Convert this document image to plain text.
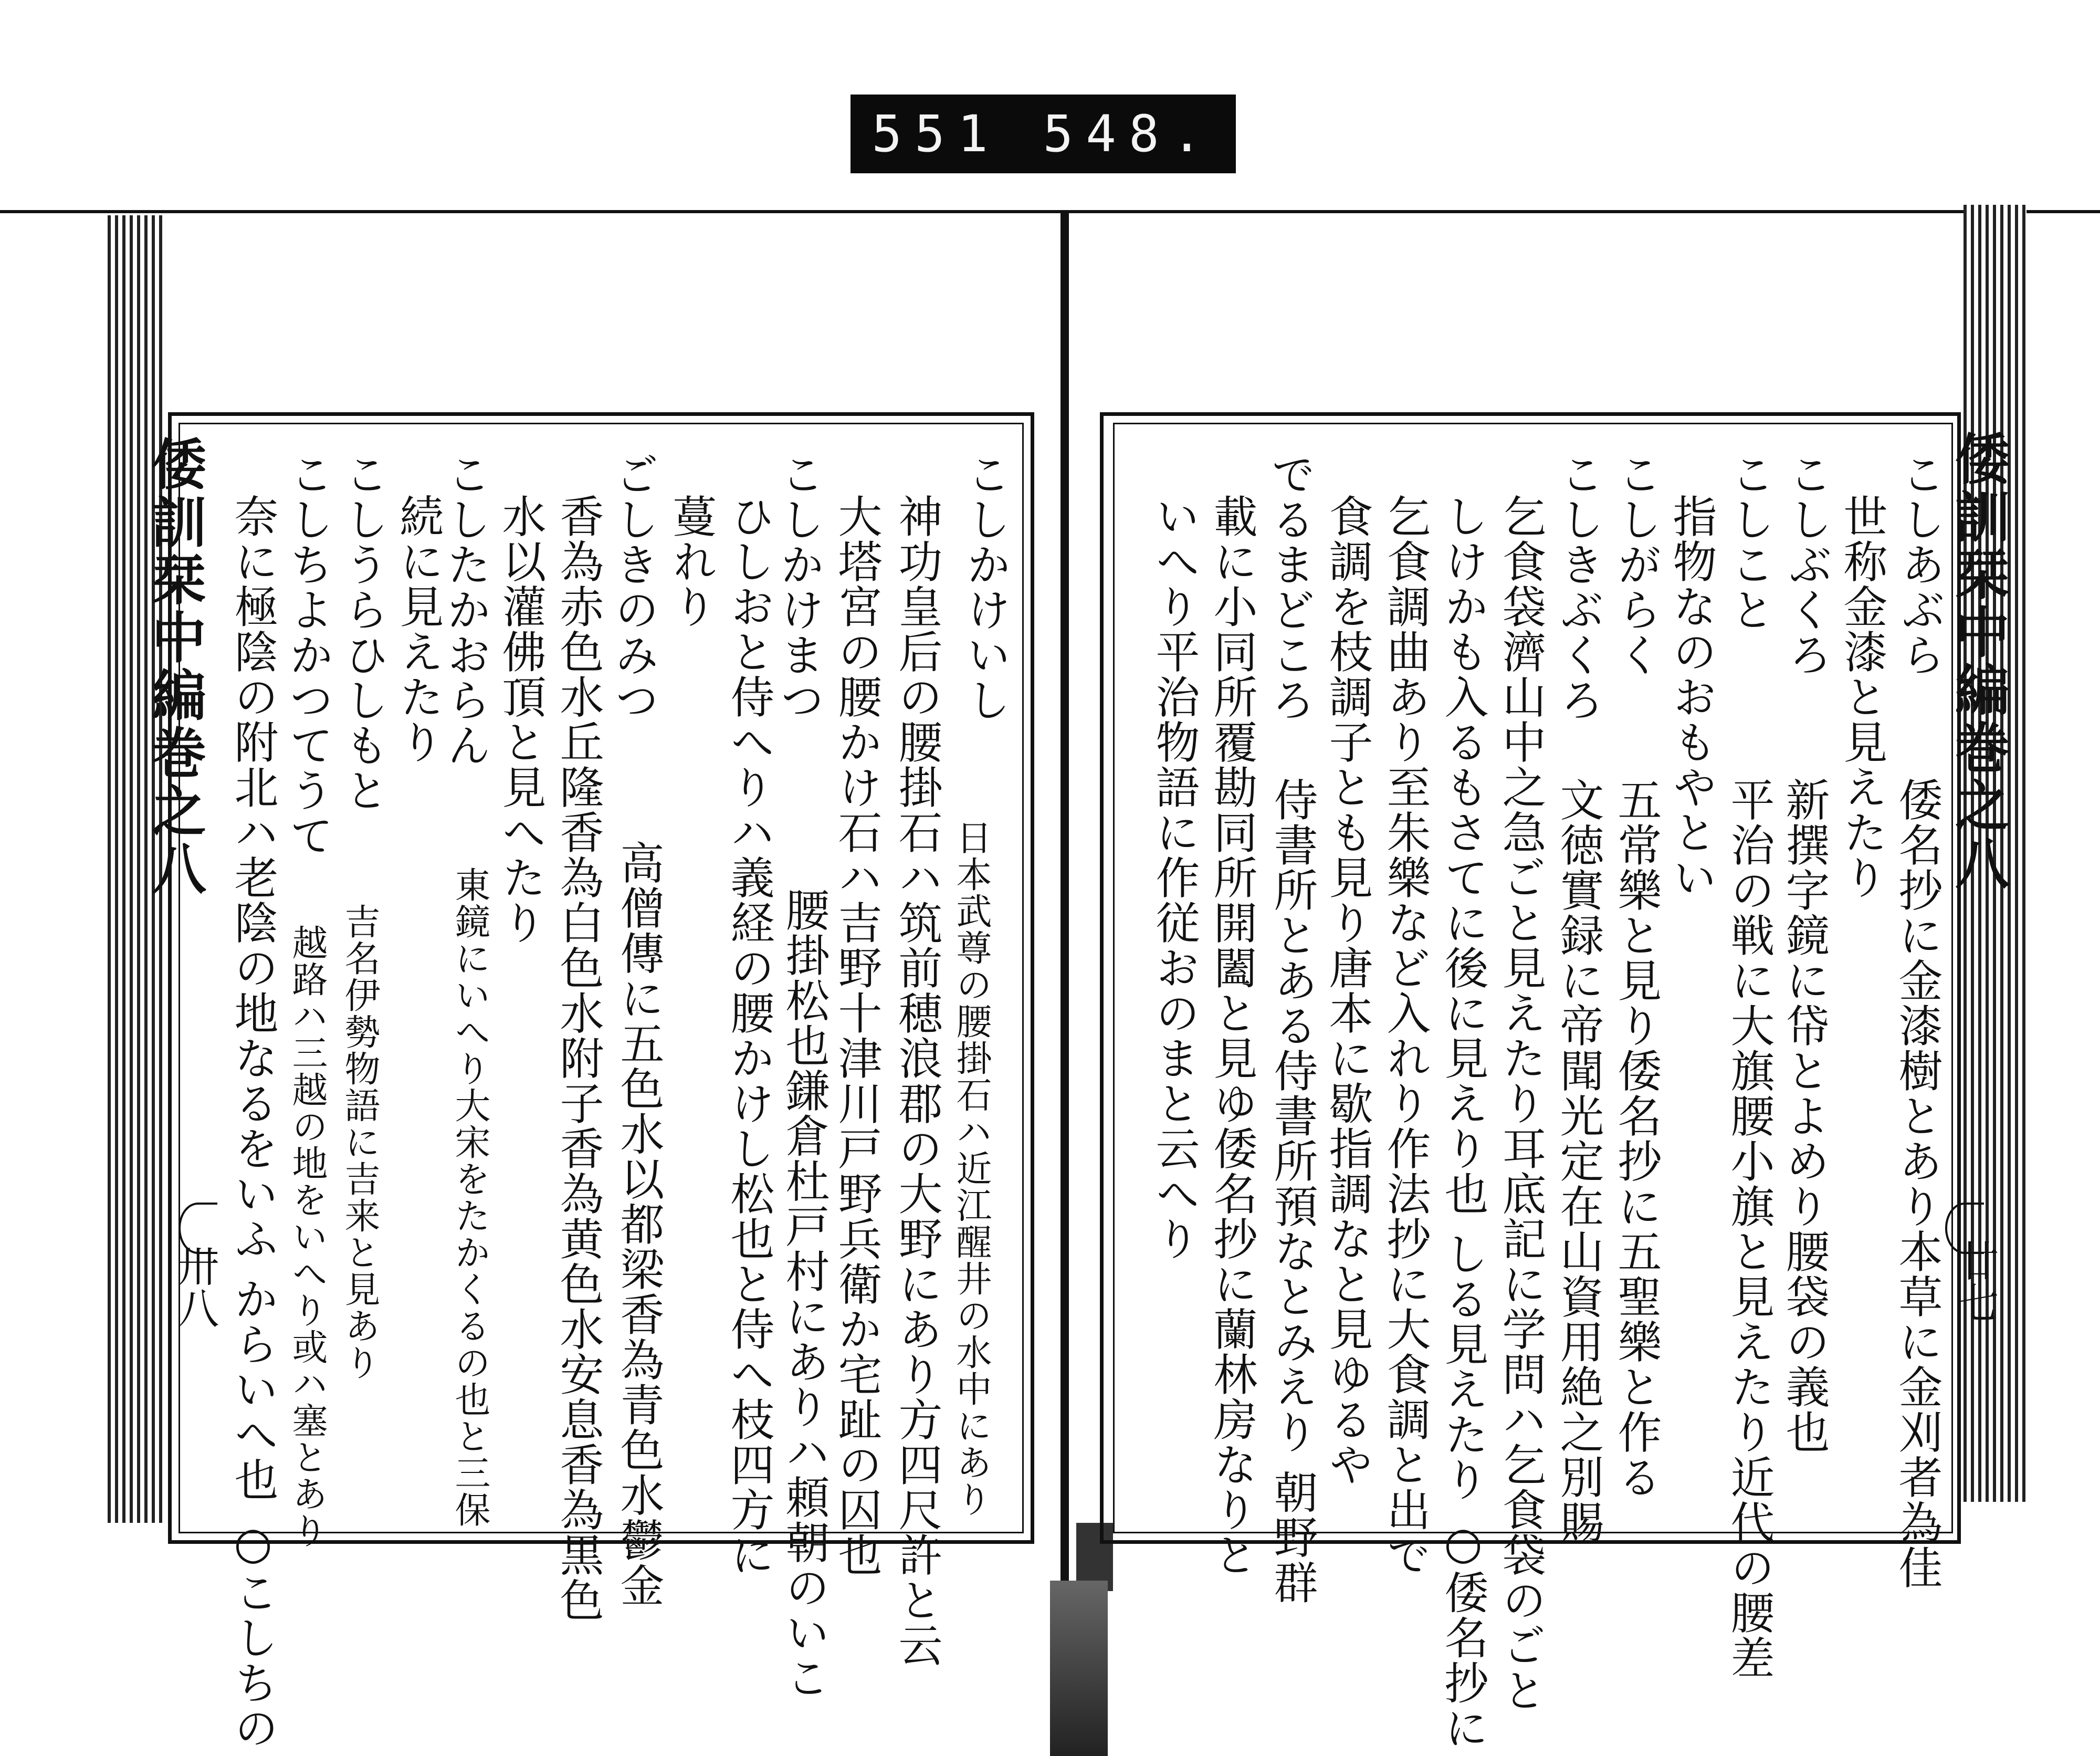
551 548.
倭訓栞中編巻之八
卅八
こしかけいし
神功皇后の腰掛石ハ筑前穂浪郡の大野にあり方四尺許と云 日本武尊の腰掛石ハ近江醒井の水中にあり
大塔宮の腰かけ石ハ吉野十津川戸野兵衛か宅趾の囚也
こしかけまつ
腰掛松也鎌倉杜戸村にありハ頼朝のいこ
ひしおと侍へりハ義経の腰かけし松也と侍へ枝四方に
蔓れり
ごしきのみつ
高僧傳に五色水以都梁香為青色水鬱金
香為赤色水丘隆香為白色水附子香為黄色水安息香為黒色
水以灌佛頂と見へたり
こしたかおらん
東鏡にいへり大宋をたかくるの也と三保
続に見えたり
こしうらひしもと
こしちよかつてうて
吉名伊勢物語に吉来と見あり
越路ハ三越の地をいへり或ハ塞とあり
奈に極陰の附北ハ老陰の地なるをいふ からいへ也 ○こしちの	倭訓栞中編巻之八
廿七
こしあぶら
倭名抄に金漆樹とあり本草に金刈者為佳
世称金漆と見えたり
こしぶくろ
新撰字鏡に帒とよめり腰袋の義也
こしこと
平治の戦に大旗腰小旗と見えたり近代の腰差
指物なのおもやとい
こしがらく
五常樂と見り倭名抄に五聖樂と作る
こしきぶくろ
文徳實録に帝聞光定在山資用絶之別賜
乞食袋濟山中之急ごと見えたり耳底記に学問ハ乞食袋のごと
しけかも入るもさてに後に見えり也 しる見えたり ○倭名抄に
乞食調曲あり至朱樂など入れり作法抄に大食調と出で
食調を枝調子とも見り唐本に歇指調なと見ゆるや
でるまどころ
侍書所とある侍書所預なとみえり 朝野群
載に小同所覆勘同所開闔と見ゆ倭名抄に蘭林房なりと
いへり平治物語に作従おのまと云へり
